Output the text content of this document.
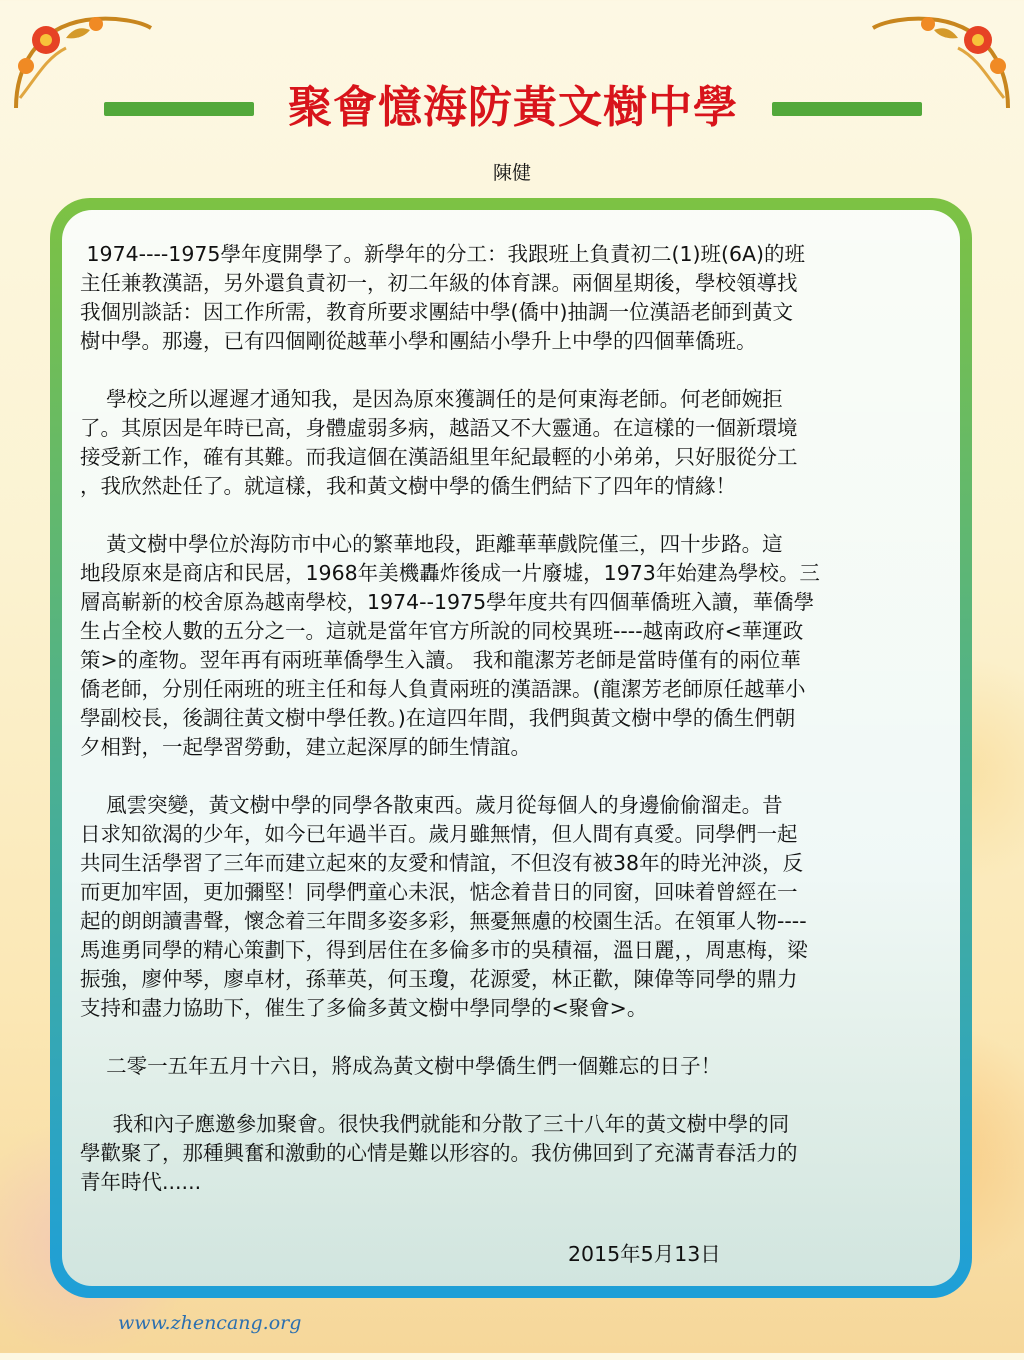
聚會憶海防黃文樹中學
陳健

1974----1975學年度開學了。新學年的分工：我跟班上負責初二(1)班(6A)的班
主任兼教漢語，另外還負責初一，初二年級的体育課。兩個星期後，學校領導找
我個別談話：因工作所需，教育所要求團結中學(僑中)抽調一位漢語老師到黃文
樹中學。那邊，已有四個剛從越華小學和團結小學升上中學的四個華僑班。

學校之所以遲遲才通知我，是因為原來獲調任的是何東海老師。何老師婉拒
了。其原因是年時已高，身體虛弱多病，越語又不大靈通。在這樣的一個新環境
接受新工作，確有其難。而我這個在漢語組里年紀最輕的小弟弟，只好服從分工
，我欣然赴任了。就這樣，我和黃文樹中學的僑生們結下了四年的情緣！

黃文樹中學位於海防市中心的繁華地段，距離華華戲院僅三，四十步路。這
地段原來是商店和民居，1968年美機轟炸後成一片廢墟，1973年始建為學校。三
層高嶄新的校舍原為越南學校，1974--1975學年度共有四個華僑班入讀，華僑學
生占全校人數的五分之一。這就是當年官方所說的同校異班----越南政府<華運政
策>的產物。翌年再有兩班華僑學生入讀。 我和龍潔芳老師是當時僅有的兩位華
僑老師，分別任兩班的班主任和每人負責兩班的漢語課。(龍潔芳老師原任越華小
學副校長，後調往黃文樹中學任教。)在這四年間，我們與黃文樹中學的僑生們朝
夕相對，一起學習勞動，建立起深厚的師生情誼。

風雲突變，黃文樹中學的同學各散東西。歲月從每個人的身邊偷偷溜走。昔
日求知欲渴的少年，如今已年過半百。歲月雖無情，但人間有真愛。同學們一起
共同生活學習了三年而建立起來的友愛和情誼，不但沒有被38年的時光沖淡，反
而更加牢固，更加彌堅！同學們童心未泯，惦念着昔日的同窗，回味着曾經在一
起的朗朗讀書聲，懷念着三年間多姿多彩，無憂無慮的校園生活。在領軍人物----
馬進勇同學的精心策劃下，得到居住在多倫多市的吳積福，溫日麗，，周惠梅，梁
振強，廖仲琴，廖卓材，孫華英，何玉瓊，花源愛，林正歡，陳偉等同學的鼎力
支持和盡力協助下，催生了多倫多黃文樹中學同學的<聚會>。

二零一五年五月十六日，將成為黃文樹中學僑生們一個難忘的日子！

我和內子應邀參加聚會。很快我們就能和分散了三十八年的黃文樹中學的同
學歡聚了，那種興奮和激動的心情是難以形容的。我仿佛回到了充滿青春活力的
青年時代......

2015年5月13日
www.zhencang.org
